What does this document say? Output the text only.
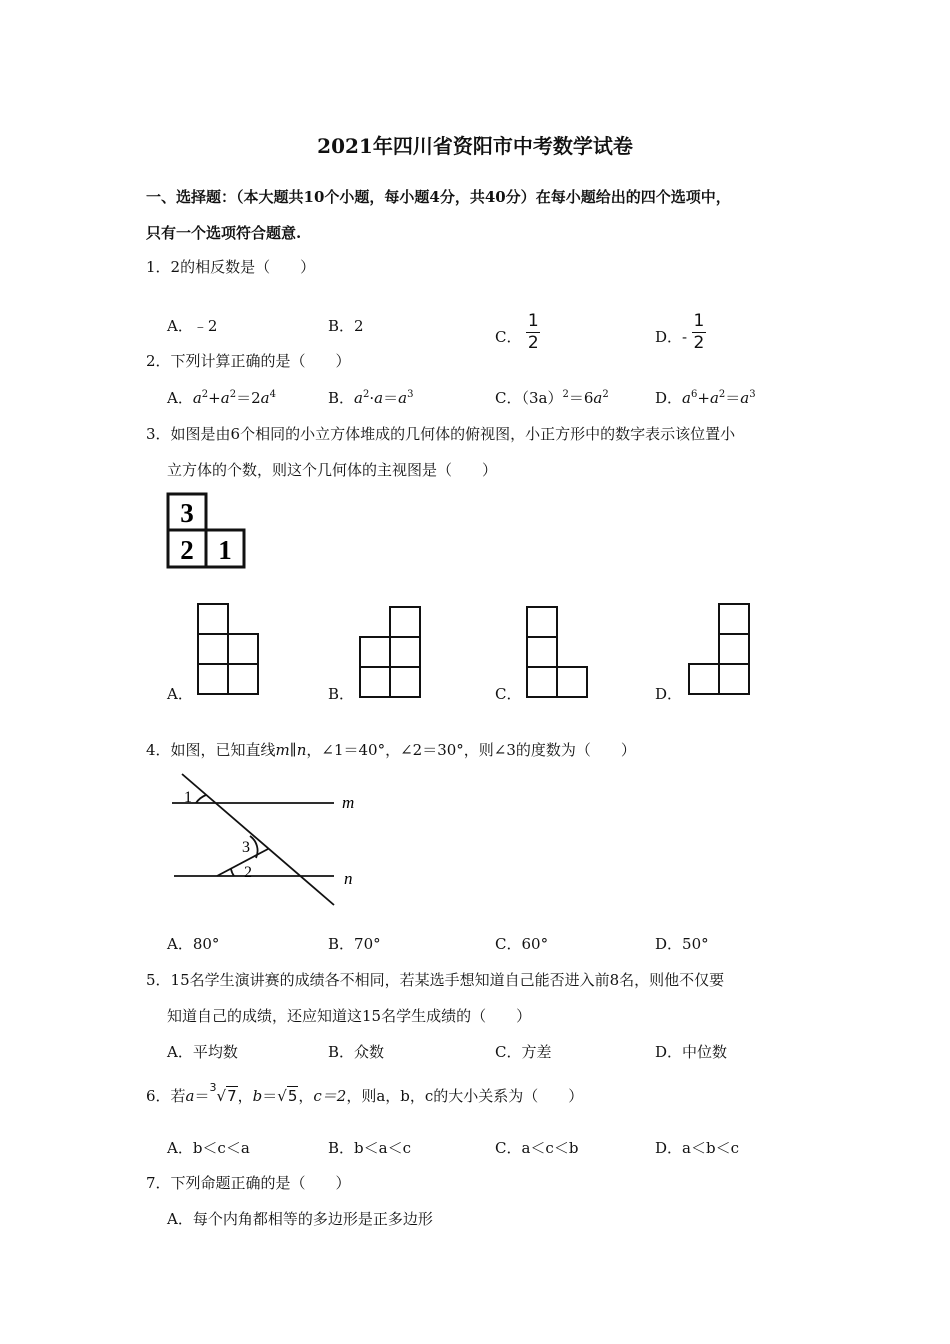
2021年四川省资阳市中考数学试卷
一、选择题：（本大题共10个小题，每小题4分，共40分）在每小题给出的四个选项中，
只有一个选项符合题意.
1．2的相反数是（　　）
A．﹣2	B．2
C． $\frac{1}{2}$	D．- $\frac{1}{2}$
2．下列计算正确的是（　　）
A．$a^2+a^2=2a^4$	B．$a^2\cdot a=a^3$	C．$(3a)^2=6a^2$	D．$a^6+a^2=a^3$
3．如图是由6个相同的小立方体堆成的几何体的俯视图，小正方形中的数字表示该位置小
立方体的个数，则这个几何体的主视图是（　　）
3
2 1
A．	B．	C．	D．
4．如图，已知直线m∥n，∠1＝40°，∠2＝30°，则∠3的度数为（　　）
1
2
3
m
n
A．80°	B．70°	C．60°	D．50°
5．15名学生演讲赛的成绩各不相同，若某选手想知道自己能否进入前8名，则他不仅要
知道自己的成绩，还应知道这15名学生成绩的（　　）
A．平均数	B．众数	C．方差	D．中位数
6．若a＝$^3$√7，b＝√5，c＝2，则a，b，c的大小关系为（　　）
A．b＜c＜a	B．b＜a＜c	C．a＜c＜b	D．a＜b＜c
7．下列命题正确的是（　　）
A．每个内角都相等的多边形是正多边形
